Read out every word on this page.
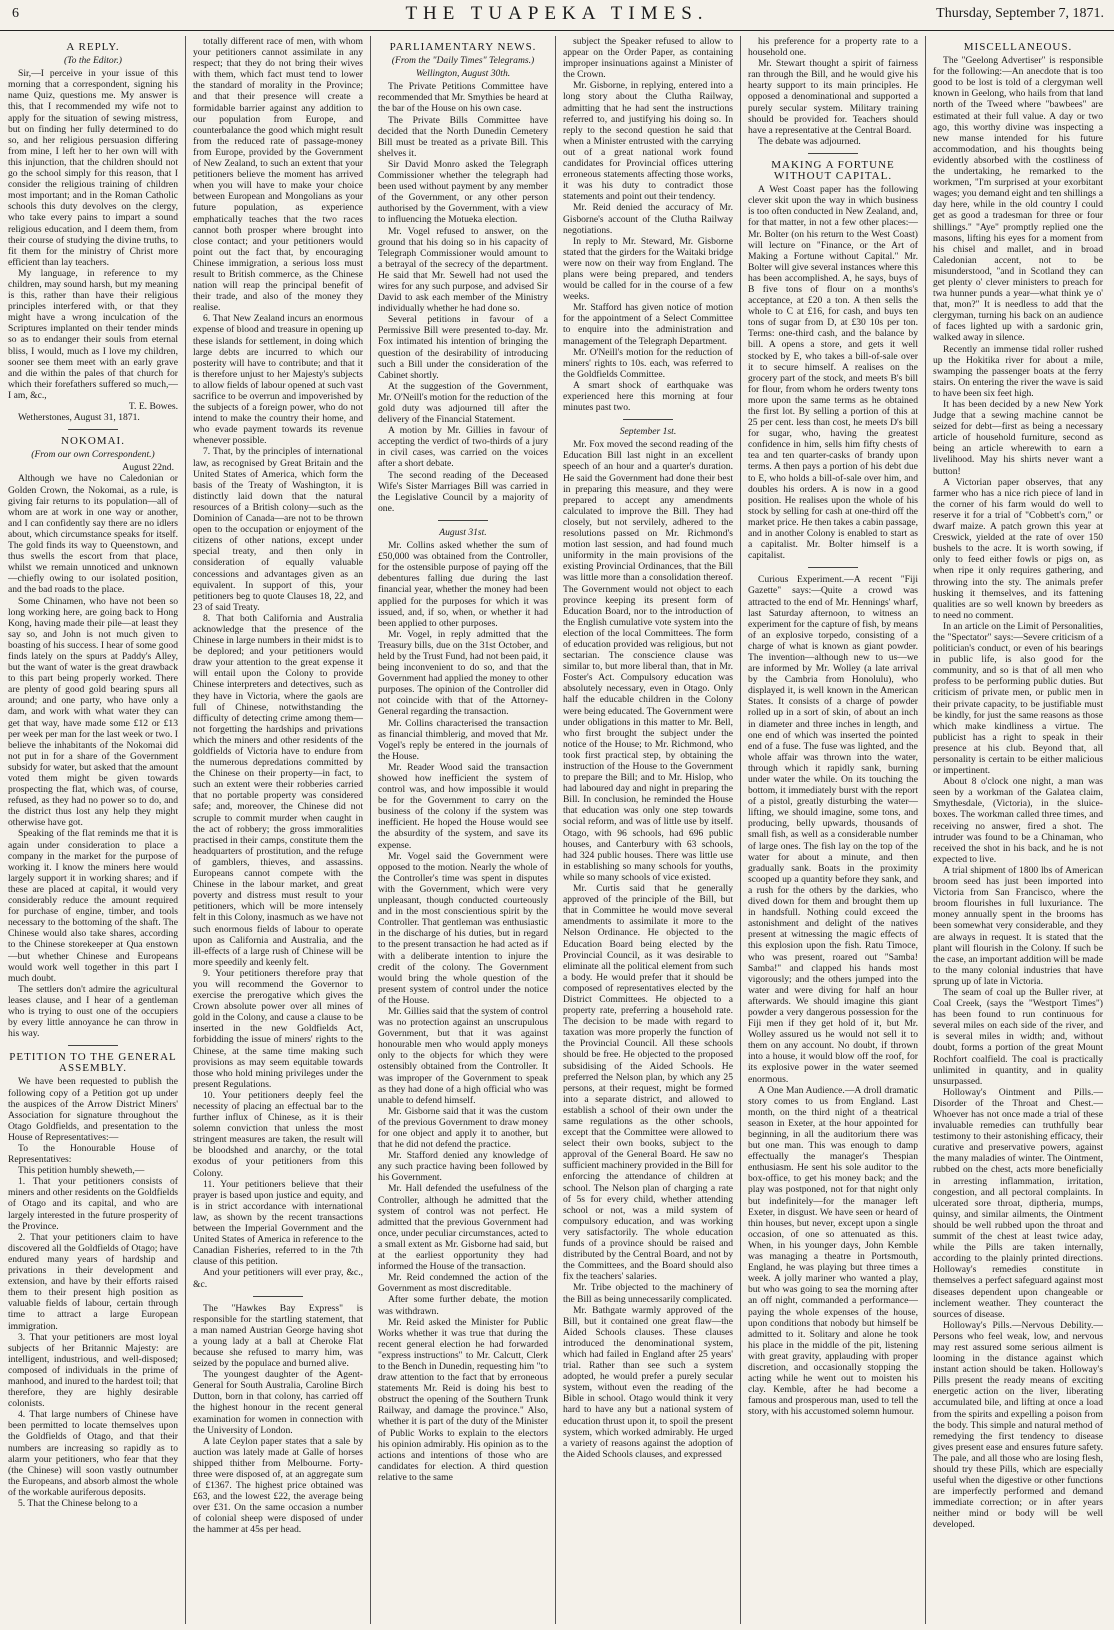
6	THE TUAPEKA TIMES.	Thursday, September 7, 1871.
A REPLY.
(To the Editor.)

Sir,—I perceive in your issue of this morning that a correspondent, signing his name Quiz, questions me. My answer is this, that I recommended my wife not to apply for the situation of sewing mistress, but on finding her fully determined to do so, and her religious persuasion differing from mine, I left her to her own will with this injunction, that the children should not go the school simply for this reason, that I consider the religious training of children most important; and in the Roman Catholic schools this duty devolves on the clergy, who take every pains to impart a sound religious education, and I deem them, from their course of studying the divine truths, to fit them for the ministry of Christ more efficient than lay teachers.

My language, in reference to my children, may sound harsh, but my meaning is this, rather than have their religious principles interfered with, or that they might have a wrong inculcation of the Scriptures implanted on their tender minds so as to endanger their souls from eternal bliss, I would, much as I love my children, sooner see them meet with an early grave and die within the pales of that church for which their forefathers suffered so much,—I am, &c.,

T. E. Bowes.

Wetherstones, August 31, 1871.

NOKOMAI.
(From our own Correspondent.)
August 22nd.

Although we have no Caledonian or Golden Crown, the Nokomai, as a rule, is giving fair returns to its population—all of whom are at work in one way or another, and I can confidently say there are no idlers about, which circumstance speaks for itself. The gold finds its way to Queenstown, and thus swells the escort from that place, whilst we remain unnoticed and unknown—chiefly owing to our isolated position, and the bad roads to the place.

Some Chinamen, who have not been so long working here, are going back to Hong Kong, having made their pile—at least they say so, and John is not much given to boasting of his success. I hear of some good finds lately on the spurs at Paddy's Alley, but the want of water is the great drawback to this part being properly worked. There are plenty of good gold bearing spurs all around; and one party, who have only a dam, and work with what water they can get that way, have made some £12 or £13 per week per man for the last week or two. I believe the inhabitants of the Nokomai did not put in for a share of the Government subsidy for water, but asked that the amount voted them might be given towards prospecting the flat, which was, of course, refused, as they had no power so to do, and the district thus lost any help they might otherwise have got.

Speaking of the flat reminds me that it is again under consideration to place a company in the market for the purpose of working it. I know the miners here would largely support it in working shares; and if these are placed at capital, it would very considerably reduce the amount required for purchase of engine, timber, and tools necessary to the bottoming of the shaft. The Chinese would also take shares, according to the Chinese storekeeper at Qua enstown—but whether Chinese and Europeans would work well together in this part I much doubt.

The settlers don't admire the agricultural leases clause, and I hear of a gentleman who is trying to oust one of the occupiers by every little annoyance he can throw in his way.

PETITION TO THE GENERAL ASSEMBLY.

We have been requested to publish the following copy of a Petition got up under the auspices of the Arrow District Miners' Association for signature throughout the Otago Goldfields, and presentation to the House of Representatives:—

To the Honourable House of Representatives:

This petition humbly sheweth,—

1. That your petitioners consists of miners and other residents on the Goldfields of Otago and its capital, and who are largely interested in the future prosperity of the Province.

2. That your petitioners claim to have discovered all the Goldfields of Otago; have endured many years of hardship and privations in their development and extension, and have by their efforts raised them to their present high position as valuable fields of labour, certain through time to attract a large European immigration.

3. That your petitioners are most loyal subjects of her Britannic Majesty: are intelligent, industrious, and well-disposed; composed of individuals in the prime of manhood, and inured to the hardest toil; that therefore, they are highly desirable colonists.

4. That large numbers of Chinese have been permitted to locate themselves upon the Goldfields of Otago, and that their numbers are increasing so rapidly as to alarm your petitioners, who fear that they (the Chinese) will soon vastly outnumber the Europeans, and absorb almost the whole of the workable auriferous deposits.

5. That the Chinese belong to a

totally different race of men, with whom your petitioners cannot assimilate in any respect; that they do not bring their wives with them, which fact must tend to lower the standard of morality in the Province; and that their presence will create a formidable barrier against any addition to our population from Europe, and counterbalance the good which might result from the reduced rate of passage-money from Europe, provided by the Government of New Zealand, to such an extent that your petitioners believe the moment has arrived when you will have to make your choice between European and Mongolians as your future population, as experience emphatically teaches that the two races cannot both prosper where brought into close contact; and your petitioners would point out the fact that, by encouraging Chinese immigration, a serious loss must result to British commerce, as the Chinese nation will reap the principal benefit of their trade, and also of the money they realise.

6. That New Zealand incurs an enormous expense of blood and treasure in opening up these islands for settlement, in doing which large debts are incurred to which our posterity will have to contribute; and that it is therefore unjust to her Majesty's subjects to allow fields of labour opened at such vast sacrifice to be overrun and impoverished by the subjects of a foreign power, who do not intend to make the country their home, and who evade payment towards its revenue whenever possible.

7. That, by the principles of international law, as recognised by Great Britain and the United States of America, which form the basis of the Treaty of Washington, it is distinctly laid down that the natural resources of a British colony—such as the Dominion of Canada—are not to be thrown open to the occupation or enjoyment of the citizens of other nations, except under special treaty, and then only in consideration of equally valuable concessions and advantages given as an equivalent. In support of this, your petitioners beg to quote Clauses 18, 22, and 23 of said Treaty.

8. That both California and Australia acknowledge that the presence of the Chinese in large numbers in their midst is to be deplored; and your petitioners would draw your attention to the great expense it will entail upon the Colony to provide Chinese interpreters and detectives, such as they have in Victoria, where the gaols are full of Chinese, notwithstanding the difficulty of detecting crime among them—not forgetting the hardships and privations which the miners and other residents of the goldfields of Victoria have to endure from the numerous depredations committed by the Chinese on their property—in fact, to such an extent were their robberies carried that no portable property was considered safe; and, moreover, the Chinese did not scruple to commit murder when caught in the act of robbery; the gross immoralities practised in their camps, constitute them the headquarters of prostitution, and the refuge of gamblers, thieves, and assassins. Europeans cannot compete with the Chinese in the labour market, and great poverty and distress must result to your petitioners, which will be more intensely felt in this Colony, inasmuch as we have not such enormous fields of labour to operate upon as California and Australia, and the ill-effects of a large rush of Chinese will be more speedily and keenly felt.

9. Your petitioners therefore pray that you will recommend the Governor to exercise the prerogative which gives the Crown absolute power over all mines of gold in the Colony, and cause a clause to be inserted in the new Goldfields Act, forbidding the issue of miners' rights to the Chinese, at the same time making such provisions as may seem equitable towards those who hold mining privileges under the present Regulations.

10. Your petitioners deeply feel the necessity of placing an effectual bar to the further influx of Chinese, as it is their solemn conviction that unless the most stringent measures are taken, the result will be bloodshed and anarchy, or the total exodus of your petitioners from this Colony.

11. Your petitioners believe that their prayer is based upon justice and equity, and is in strict accordance with international law, as shown by the recent transactions between the Imperial Government and the United States of America in reference to the Canadian Fisheries, referred to in the 7th clause of this petition.

And your petitioners will ever pray, &c., &c.

The "Hawkes Bay Express" is responsible for the startling statement, that a man named Austrian George having shot a young lady at a ball at Cheroke Flat because she refused to marry him, was seized by the populace and burned alive.

The youngest daughter of the Agent-General for South Australia, Caroline Birch Dutton, born in that colony, has carried off the highest honour in the recent general examination for women in connection with the University of London.

A late Ceylon paper states that a sale by auction was lately made at Galle of horses shipped thither from Melbourne. Forty-three were disposed of, at an aggregate sum of £1367. The highest price obtained was £63, and the lowest £22, the average being over £31. On the same occasion a number of colonial sheep were disposed of under the hammer at 45s per head.

PARLIAMENTARY NEWS.
(From the "Daily Times" Telegrams.)
Wellington, August 30th.

The Private Petitions Committee have recommended that Mr. Smythies be heard at the bar of the House on his own case.

The Private Bills Committee have decided that the North Dunedin Cemetery Bill must be treated as a private Bill. This shelves it.

Sir David Monro asked the Telegraph Commissioner whether the telegraph had been used without payment by any member of the Government, or any other person authorised by the Government, with a view to influencing the Motueka election.

Mr. Vogel refused to answer, on the ground that his doing so in his capacity of Telegraph Commissioner would amount to a betrayal of the secrecy of the department. He said that Mr. Sewell had not used the wires for any such purpose, and advised Sir David to ask each member of the Ministry individually whether he had done so.

Several petitions in favour of a Permissive Bill were presented to-day. Mr. Fox intimated his intention of bringing the question of the desirability of introducing such a Bill under the consideration of the Cabinet shortly.

At the suggestion of the Government, Mr. O'Neill's motion for the reduction of the gold duty was adjourned till after the delivery of the Financial Statement.

A motion by Mr. Gillies in favour of accepting the verdict of two-thirds of a jury in civil cases, was carried on the voices after a short debate.

The second reading of the Deceased Wife's Sister Marriages Bill was carried in the Legislative Council by a majority of one.

August 31st.

Mr. Collins asked whether the sum of £50,000 was obtained from the Controller, for the ostensible purpose of paying off the debentures falling due during the last financial year, whether the money had been applied for the purposes for which it was issued, and, if so, when, or whether it had been applied to other purposes.

Mr. Vogel, in reply admitted that the Treasury bills, due on the 31st October, and held by the Trust Fund, had not been paid, it being inconvenient to do so, and that the Government had applied the money to other purposes. The opinion of the Controller did not coincide with that of the Attorney-General regarding the transaction.

Mr. Collins characterised the transaction as financial thimblerig, and moved that Mr. Vogel's reply be entered in the journals of the House.

Mr. Reader Wood said the transaction showed how inefficient the system of control was, and how impossible it would be for the Government to carry on the business of the colony if the system was inefficient. He hoped the House would see the absurdity of the system, and save its expense.

Mr. Vogel said the Government were opposed to the motion. Nearly the whole of the Controller's time was spent in disputes with the Government, which were very unpleasant, though conducted courteously and in the most conscientious spirit by the Controller. That gentleman was enthusiastic in the discharge of his duties, but in regard to the present transaction he had acted as if with a deliberate intention to injure the credit of the colony. The Government would bring the whole question of the present system of control under the notice of the House.

Mr. Gillies said that the system of control was no protection against an unscrupulous Government, but that it was against honourable men who would apply moneys only to the objects for which they were ostensibly obtained from the Controller. It was improper of the Government to speak as they had done of a high official who was unable to defend himself.

Mr. Gisborne said that it was the custom of the previous Government to draw money for one object and apply it to another, but that he did not defend the practice.

Mr. Stafford denied any knowledge of any such practice having been followed by his Government.

Mr. Hall defended the usefulness of the Controller, although he admitted that the system of control was not perfect. He admitted that the previous Government had once, under peculiar circumstances, acted to a small extent as Mr. Gisborne had said, but at the earliest opportunity they had informed the House of the transaction.

Mr. Reid condemned the action of the Government as most discreditable.

After some further debate, the motion was withdrawn.

Mr. Reid asked the Minister for Public Works whether it was true that during the recent general election he had forwarded "express instructions" to Mr. Calcutt, Clerk to the Bench in Dunedin, requesting him "to draw attention to the fact that by erroneous statements Mr. Reid is doing his best to obstruct the opening of the Southern Trunk Railway, and damage the province." Also, whether it is part of the duty of the Minister of Public Works to explain to the electors his opinion admirably. His opinion as to the actions and intentions of those who are candidates for election. A third question relative to the same

subject the Speaker refused to allow to appear on the Order Paper, as containing improper insinuations against a Minister of the Crown.

Mr. Gisborne, in replying, entered into a long story about the Clutha Railway, admitting that he had sent the instructions referred to, and justifying his doing so. In reply to the second question he said that when a Minister entrusted with the carrying out of a great national work found candidates for Provincial offices uttering erroneous statements affecting those works, it was his duty to contradict those statements and point out their tendency.

Mr. Reid denied the accuracy of Mr. Gisborne's account of the Clutha Railway negotiations.

In reply to Mr. Steward, Mr. Gisborne stated that the girders for the Waitaki bridge were now on their way from England. The plans were being prepared, and tenders would be called for in the course of a few weeks.

Mr. Stafford has given notice of motion for the appointment of a Select Committee to enquire into the administration and management of the Telegraph Department.

Mr. O'Neill's motion for the reduction of miners' rights to 10s. each, was referred to the Goldfields Committee.

A smart shock of earthquake was experienced here this morning at four minutes past two.

September 1st.

Mr. Fox moved the second reading of the Education Bill last night in an excellent speech of an hour and a quarter's duration. He said the Government had done their best in preparing this measure, and they were prepared to accept any amendments calculated to improve the Bill. They had closely, but not servilely, adhered to the resolutions passed on Mr. Richmond's motion last session, and had found much uniformity in the main provisions of the existing Provincial Ordinances, that the Bill was little more than a consolidation thereof. The Government would not object to each province keeping its present form of Education Board, nor to the introduction of the English cumulative vote system into the election of the local Committees. The form of education provided was religious, but not sectarian. The conscience clause was similar to, but more liberal than, that in Mr. Foster's Act. Compulsory education was absolutely necessary, even in Otago. Only half the educable children in the Colony were being educated. The Government were under obligations in this matter to Mr. Bell, who first brought the subject under the notice of the House; to Mr. Richmond, who took first practical step, by obtaining the instruction of the House to the Government to prepare the Bill; and to Mr. Hislop, who had laboured day and night in preparing the Bill. In conclusion, he reminded the House that education was only one step towards social reform, and was of little use by itself. Otago, with 96 schools, had 696 public houses, and Canterbury with 63 schools, had 324 public houses. There was little use in establishing so many schools for youths, while so many schools of vice existed.

Mr. Curtis said that he generally approved of the principle of the Bill, but that in Committee he would move several amendments to assimilate it more to the Nelson Ordinance. He objected to the Education Board being elected by the Provincial Council, as it was desirable to eliminate all the political element from such a body. He would prefer that it should be composed of representatives elected by the District Committees. He objected to a property rate, preferring a household rate. The decision to be made with regard to taxation was more properly the function of the Provincial Council. All these schools should be free. He objected to the proposed subsidising of the Aided Schools. He preferred the Nelson plan, by which any 25 persons, at their request, might be formed into a separate district, and allowed to establish a school of their own under the same regulations as the other schools, except that the Committee were allowed to select their own books, subject to the approval of the General Board. He saw no sufficient machinery provided in the Bill for enforcing the attendance of children at school. The Nelson plan of charging a rate of 5s for every child, whether attending school or not, was a mild system of compulsory education, and was working very satisfactorily. The whole education funds of a province should be raised and distributed by the Central Board, and not by the Committees, and the Board should also fix the teachers' salaries.

Mr. Tribe objected to the machinery of the Bill as being unnecessarily complicated.

Mr. Bathgate warmly approved of the Bill, but it contained one great flaw—the Aided Schools clauses. These clauses introduced the denominational system, which had failed in England after 25 years' trial. Rather than see such a system adopted, he would prefer a purely secular system, without even the reading of the Bible in school. Otago would think it very hard to have any but a national system of education thrust upon it, to spoil the present system, which worked admirably. He urged a variety of reasons against the adoption of the Aided Schools clauses, and expressed

his preference for a property rate to a household one.

Mr. Stewart thought a spirit of fairness ran through the Bill, and he would give his hearty support to its main principles. He opposed a denominational and supported a purely secular system. Military training should be provided for. Teachers should have a representative at the Central Board.

The debate was adjourned.

MAKING A FORTUNE WITHOUT CAPITAL.

A West Coast paper has the following clever skit upon the way in which business is too often conducted in New Zealand, and, for that matter, in not a few other places:—Mr. Bolter (on his return to the West Coast) will lecture on "Finance, or the Art of Making a Fortune without Capital." Mr. Bolter will give several instances where this has been accomplished. A, he says, buys of B five tons of flour on a months's acceptance, at £20 a ton. A then sells the whole to C at £16, for cash, and buys ten tons of sugar from D, at £30 10s per ton. Terms: one-third cash, and the balance by bill. A opens a store, and gets it well stocked by E, who takes a bill-of-sale over it to secure himself. A realises on the grocery part of the stock, and meets B's bill for flour, from whom he orders twenty tons more upon the same terms as he obtained the first lot. By selling a portion of this at 25 per cent. less than cost, he meets D's bill for sugar, who, having the greatest confidence in him, sells him fifty chests of tea and ten quarter-casks of brandy upon terms. A then pays a portion of his debt due to E, who holds a bill-of-sale over him, and doubles his orders. A is now in a good position. He realises upon the whole of his stock by selling for cash at one-third off the market price. He then takes a cabin passage, and in another Colony is enabled to start as a capitalist. Mr. Bolter himself is a capitalist.

Curious Experiment.—A recent "Fiji Gazette" says:—Quite a crowd was attracted to the end of Mr. Hennings' wharf, last Saturday afternoon, to witness an experiment for the capture of fish, by means of an explosive torpedo, consisting of a charge of what is known as giant powder. The invention—although new to us—we are informed by Mr. Wolley (a late arrival by the Cambria from Honolulu), who displayed it, is well known in the American States. It consists of a charge of powder rolled up in a sort of skin, of about an inch in diameter and three inches in length, and one end of which was inserted the pointed end of a fuse. The fuse was lighted, and the whole affair was thrown into the water, through which it rapidly sank, burning under water the while. On its touching the bottom, it immediately burst with the report of a pistol, greatly disturbing the water—lifting, we should imagine, some tons, and producing, belly upwards, thousands of small fish, as well as a considerable number of large ones. The fish lay on the top of the water for about a minute, and then gradually sank. Boats in the proximity scooped up a quantity before they sank, and a rush for the others by the darkies, who dived down for them and brought them up in handsfull. Nothing could exceed the astonishment and delight of the natives present at witnessing the magic effects of this explosion upon the fish. Ratu Timoce, who was present, roared out "Samba! Samba!" and clapped his hands most vigorously; and the others jumped into the water and were diving for half an hour afterwards. We should imagine this giant powder a very dangerous possession for the Fiji men if they get hold of it, but Mr. Wolley assured us he would not sell it to them on any account. No doubt, if thrown into a house, it would blow off the roof, for its explosive power in the water seemed enormous.

A One Man Audience.—A droll dramatic story comes to us from England. Last month, on the third night of a theatrical season in Exeter, at the hour appointed for beginning, in all the auditorium there was but one man. This was enough to damp effectually the manager's Thespian enthusiasm. He sent his sole auditor to the box-office, to get his money back; and the play was postponed, not for that night only but indefinitely—for the manager left Exeter, in disgust. We have seen or heard of thin houses, but never, except upon a single occasion, of one so attenuated as this. When, in his younger days, John Kemble was managing a theatre in Portsmouth, England, he was playing but three times a week. A jolly mariner who wanted a play, but who was going to sea the morning after an off night, commanded a performance—paying the whole expenses of the house, upon conditions that nobody but himself be admitted to it. Solitary and alone he took his place in the middle of the pit, listening with great gravity, applauding with proper discretion, and occasionally stopping the acting while he went out to moisten his clay. Kemble, after he had become a famous and prosperous man, used to tell the story, with his accustomed solemn humour.

MISCELLANEOUS.

The "Geelong Advertiser" is responsible for the following:—An anecdote that is too good to be lost is told of a clergyman well known in Geelong, who hails from that land north of the Tweed where "bawbees" are estimated at their full value. A day or two ago, this worthy divine was inspecting a new manse intended for his future accommodation, and his thoughts being evidently absorbed with the costliness of the undertaking, he remarked to the workmen, "I'm surprised at your exorbitant wages; you demand eight and ten shillings a day here, while in the old country I could get as good a tradesman for three or four shillings." "Aye" promptly replied one the masons, lifting his eyes for a moment from his chisel and mallet, and in broad Caledonian accent, not to be misunderstood, "and in Scotland they can get plenty o' clever ministers to preach for twa hunner punds a year—what think ye o' that, mon?" It is needless to add that the clergyman, turning his back on an audience of faces lighted up with a sardonic grin, walked away in silence.

Recently an immense tidal roller rushed up the Hokitika river for about a mile, swamping the passenger boats at the ferry stairs. On entering the river the wave is said to have been six feet high.

It has been decided by a new New York Judge that a sewing machine cannot be seized for debt—first as being a necessary article of household furniture, second as being an article wherewith to earn a livelihood. May his shirts never want a button!

A Victorian paper observes, that any farmer who has a nice rich piece of land in the corner of his farm would do well to reserve it for a trial of "Cobbett's corn," or dwarf maize. A patch grown this year at Creswick, yielded at the rate of over 150 bushels to the acre. It is worth sowing, if only to feed either fowls or pigs on, as when ripe it only requires gathering, and throwing into the sty. The animals prefer husking it themselves, and its fattening qualities are so well known by breeders as to need no comment.

In an article on the Limit of Personalities, the "Spectator" says:—Severe criticism of a politician's conduct, or even of his bearings in public life, is also good for the community, and so is that of all men who profess to be performing public duties. But criticism of private men, or public men in their private capacity, to be justifiable must be kindly, for just the same reasons as those which make kindliness a virtue. The publicist has a right to speak in their presence at his club. Beyond that, all personality is certain to be either malicious or impertinent.

About 8 o'clock one night, a man was seen by a workman of the Galatea claim, Smythesdale, (Victoria), in the sluice-boxes. The workman called three times, and receiving no answer, fired a shot. The intruder was found to be a Chinaman, who received the shot in his back, and he is not expected to live.

A trial shipment of 1800 lbs of American broom seed has just been imported into Victoria from San Francisco, where the broom flourishes in full luxuriance. The money annually spent in the brooms has been somewhat very considerable, and they are always in request. It is stated that the plant will flourish in the Colony. If such be the case, an important addition will be made to the many colonial industries that have sprung up of late in Victoria.

The seam of coal up the Buller river, at Coal Creek, (says the "Westport Times") has been found to run continuous for several miles on each side of the river, and is several miles in width; and, without doubt, forms a portion of the great Mount Rochfort coalfield. The coal is practically unlimited in quantity, and in quality unsurpassed.

Holloway's Ointment and Pills.—Disorder of the Throat and Chest.—Whoever has not once made a trial of these invaluable remedies can truthfully bear testimony to their astonishing efficacy, their curative and preservative powers, against the many maladies of winter. The Ointment, rubbed on the chest, acts more beneficially in arresting inflammation, irritation, congestion, and all pectoral complaints. In ulcerated sore throat, diptheria, mumps, quinsy, and similar ailments, the Ointment should be well rubbed upon the throat and summit of the chest at least twice aday, while the Pills are taken internally, according to the plainly printed directions. Holloway's remedies constitute in themselves a perfect safeguard against most diseases dependent upon changeable or inclement weather. They counteract the sources of disease.

Holloway's Pills.—Nervous Debility.—Persons who feel weak, low, and nervous may rest assured some serious ailment is looming in the distance against which instant action should be taken. Holloway's Pills present the ready means of exciting energetic action on the liver, liberating accumulated bile, and lifting at once a load from the spirits and expelling a poison from the body. This simple and natural method of remedying the first tendency to disease gives present ease and ensures future safety. The pale, and all those who are losing flesh, should try these Pills, which are especially useful when the digestive or other functions are imperfectly performed and demand immediate correction; or in after years neither mind or body will be well developed.
